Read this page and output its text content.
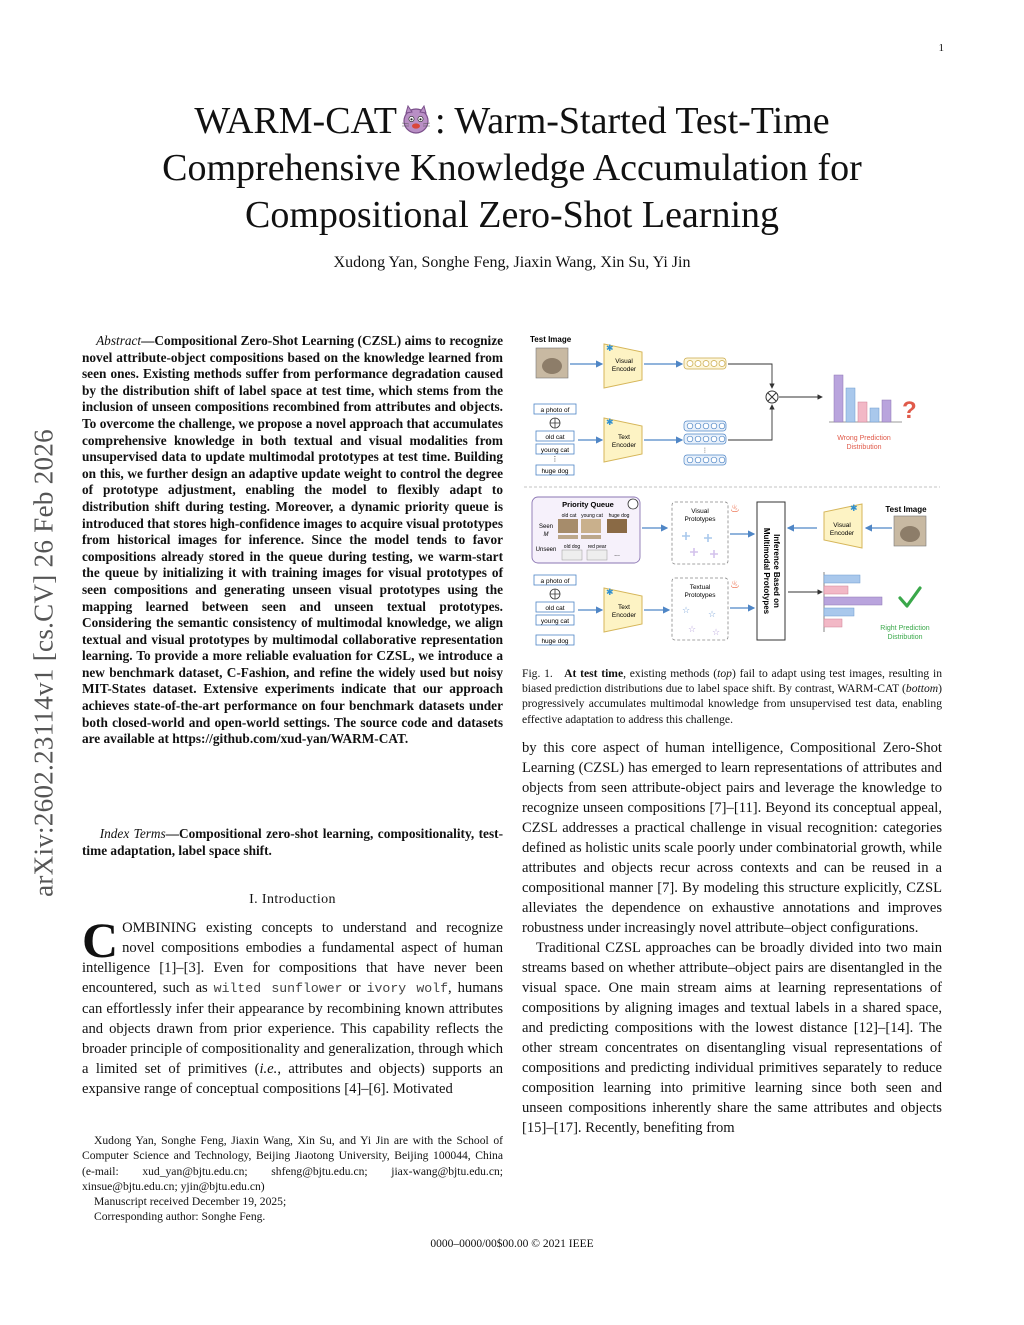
1
arXiv:2602.23114v1 [cs.CV] 26 Feb 2026
WARM-CAT : Warm-Started Test-Time
Comprehensive Knowledge Accumulation for
Compositional Zero-Shot Learning
Xudong Yan, Songhe Feng, Jiaxin Wang, Xin Su, Yi Jin
Abstract—Compositional Zero-Shot Learning (CZSL) aims to recognize novel attribute-object compositions based on the knowledge learned from seen ones. Existing methods suffer from performance degradation caused by the distribution shift of label space at test time, which stems from the inclusion of unseen compositions recombined from attributes and objects. To overcome the challenge, we propose a novel approach that accumulates comprehensive knowledge in both textual and visual modalities from unsupervised data to update multimodal prototypes at test time. Building on this, we further design an adaptive update weight to control the degree of prototype adjustment, enabling the model to flexibly adapt to distribution shift during testing. Moreover, a dynamic priority queue is introduced that stores high-confidence images to acquire visual prototypes from historical images for inference. Since the model tends to favor compositions already stored in the queue during testing, we warm-start the queue by initializing it with training images for visual prototypes of seen compositions and generating unseen visual prototypes using the mapping learned between seen and unseen textual prototypes. Considering the semantic consistency of multimodal knowledge, we align textual and visual prototypes by multimodal collaborative representation learning. To provide a more reliable evaluation for CZSL, we introduce a new benchmark dataset, C-Fashion, and refine the widely used but noisy MIT-States dataset. Extensive experiments indicate that our approach achieves state-of-the-art performance on four benchmark datasets under both closed-world and open-world settings. The source code and datasets are available at https://github.com/xud-yan/WARM-CAT.
Index Terms—Compositional zero-shot learning, compositionality, test-time adaptation, label space shift.
I. Introduction
COMBINING existing concepts to understand and recognize novel compositions embodies a fundamental aspect of human intelligence [1]–[3]. Even for compositions that have never been encountered, such as wilted sunflower or ivory wolf, humans can effortlessly infer their appearance by recombining known attributes and objects drawn from prior experience. This capability reflects the broader principle of compositionality and generalization, through which a limited set of primitives (i.e., attributes and objects) supports an expansive range of conceptual compositions [4]–[6]. Motivated

Xudong Yan, Songhe Feng, Jiaxin Wang, Xin Su, and Yi Jin are with the School of Computer Science and Technology, Beijing Jiaotong University, Beijing 100044, China (e-mail: xud_yan@bjtu.edu.cn; shfeng@bjtu.edu.cn; jiax-wang@bjtu.edu.cn; xinsue@bjtu.edu.cn; yjin@bjtu.edu.cn)

Manuscript received December 19, 2025;

Corresponding author: Songhe Feng.

Test Image
✱
Visual
Encoder
?
Wrong Prediction
Distribution
a photo of
old cat
young cat
⋮
huge dog
✱
Text
Encoder
⋮
Priority Queue
Seen
M
Unseen
old cat young cat huge dog
old dog red pear
...
Visual
Prototypes
♨
Textual
Prototypes
☆ ☆
☆ ☆
♨	Inference Based on
Multimodal Prototypes
✱
Visual
Encoder
Test Image
Right Prediction
Distribution
a photo of
old cat
young cat
huge dog
✱
Text
Encoder
Fig. 1. At test time, existing methods (top) fail to adapt using test images, resulting in biased prediction distributions due to label space shift. By contrast, WARM-CAT (bottom) progressively accumulates multimodal knowledge from unsupervised test data, enabling effective adaptation to address this challenge.

by this core aspect of human intelligence, Compositional Zero-Shot Learning (CZSL) has emerged to learn representations of attributes and objects from seen attribute-object pairs and leverage the knowledge to recognize unseen compositions [7]–[11]. Beyond its conceptual appeal, CZSL addresses a practical challenge in visual recognition: categories defined as holistic units scale poorly under combinatorial growth, while attributes and objects recur across contexts and can be reused in a compositional manner [7]. By modeling this structure explicitly, CZSL alleviates the dependence on exhaustive annotations and improves robustness under increasingly novel attribute–object configurations.

Traditional CZSL approaches can be broadly divided into two main streams based on whether attribute–object pairs are disentangled in the visual space. One main stream aims at learning representations of compositions by aligning images and textual labels in a shared space, and predicting compositions with the lowest distance [12]–[14]. The other stream concentrates on disentangling visual representations of compositions and predicting individual primitives separately to reduce composition learning into primitive learning since both seen and unseen compositions inherently share the same attributes and objects [15]–[17]. Recently, benefiting from

0000–0000/00$00.00 © 2021 IEEE
